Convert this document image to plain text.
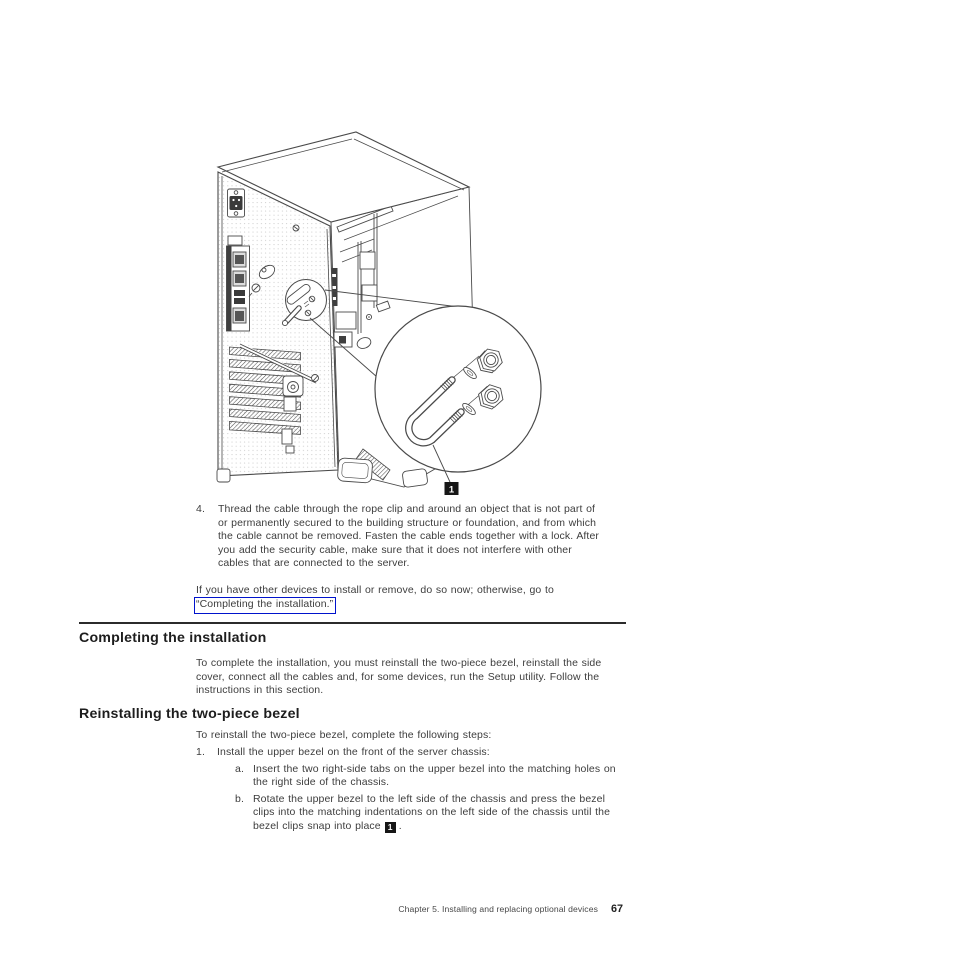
1
4.	Thread the cable through the rope clip and around an object that is not part of
or permanently secured to the building structure or foundation, and from which
the cable cannot be removed. Fasten the cable ends together with a lock. After
you add the security cable, make sure that it does not interfere with other
cables that are connected to the server.
If you have other devices to install or remove, do so now; otherwise, go to
“Completing the installation.”
Completing the installation
To complete the installation, you must reinstall the two-piece bezel, reinstall the side
cover, connect all the cables and, for some devices, run the Setup utility. Follow the
instructions in this section.
Reinstalling the two-piece bezel
To reinstall the two-piece bezel, complete the following steps:
1.	Install the upper bezel on the front of the server chassis:
a. Insert the two right-side tabs on the upper bezel into the matching holes on
the right side of the chassis.
b. Rotate the upper bezel to the left side of the chassis and press the bezel
clips into the matching indentations on the left side of the chassis until the
bezel clips snap into place 1 .
Chapter 5. Installing and replacing optional devices 67
